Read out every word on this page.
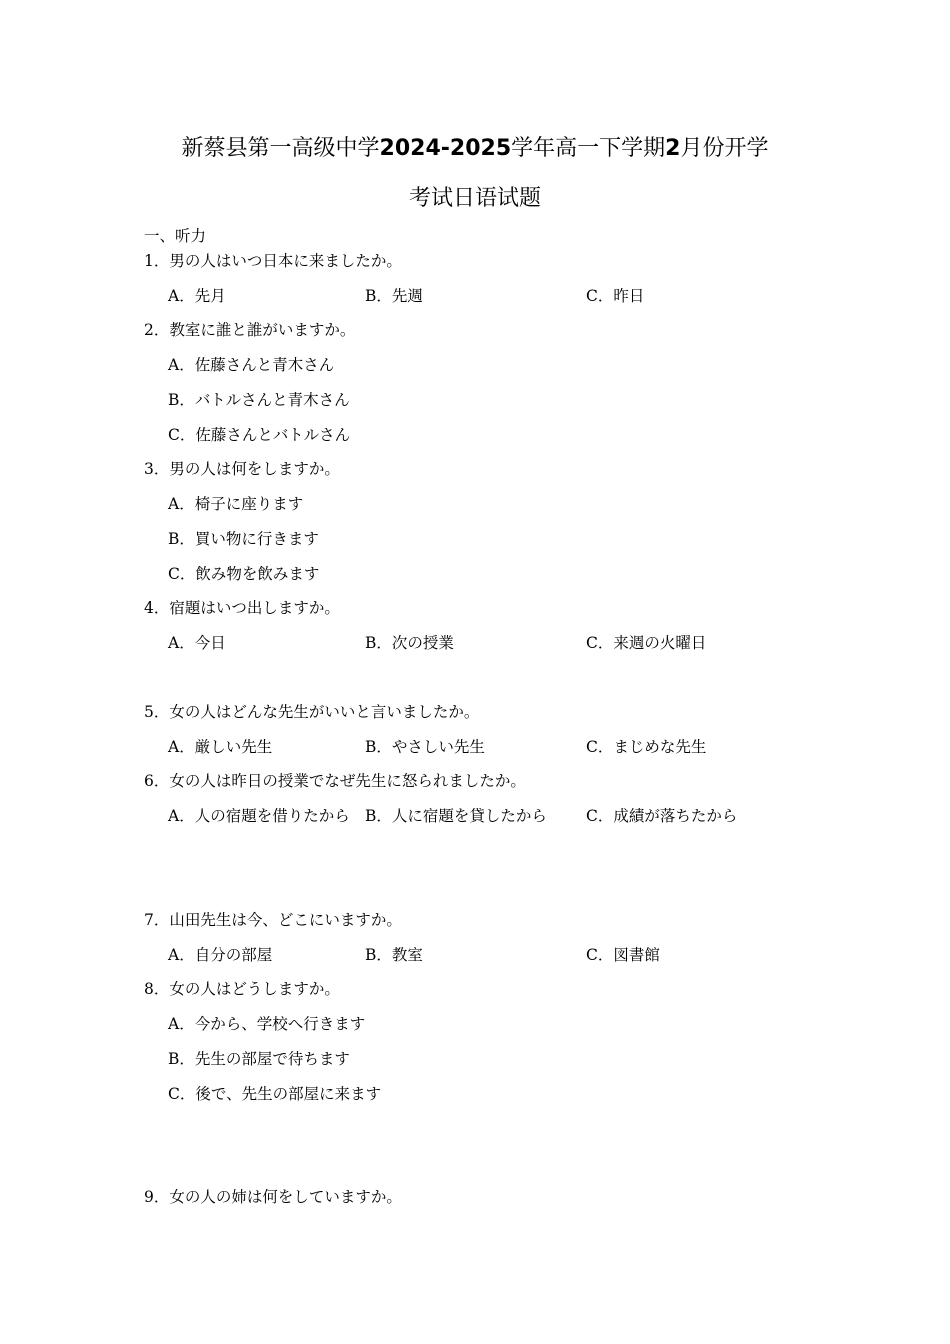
新蔡县第一高级中学2024-2025学年高一下学期2月份开学
考试日语试题
一、听力
1．男の人はいつ日本に来ましたか。
A．先月	B．先週	C．昨日
2．教室に誰と誰がいますか。
A．佐藤さんと青木さん
B．バトルさんと青木さん
C．佐藤さんとバトルさん
3．男の人は何をしますか。
A．椅子に座ります
B．買い物に行きます
C．飲み物を飲みます
4．宿題はいつ出しますか。
A．今日	B．次の授業	C．来週の火曜日
5．女の人はどんな先生がいいと言いましたか。
A．厳しい先生	B．やさしい先生	C．まじめな先生
6．女の人は昨日の授業でなぜ先生に怒られましたか。
A．人の宿題を借りたから B．人に宿題を貸したから	C．成績が落ちたから
7．山田先生は今、どこにいますか。
A．自分の部屋	B．教室	C．図書館
8．女の人はどうしますか。
A．今から、学校へ行きます
B．先生の部屋で待ちます
C．後で、先生の部屋に来ます
9．女の人の姉は何をしていますか。
